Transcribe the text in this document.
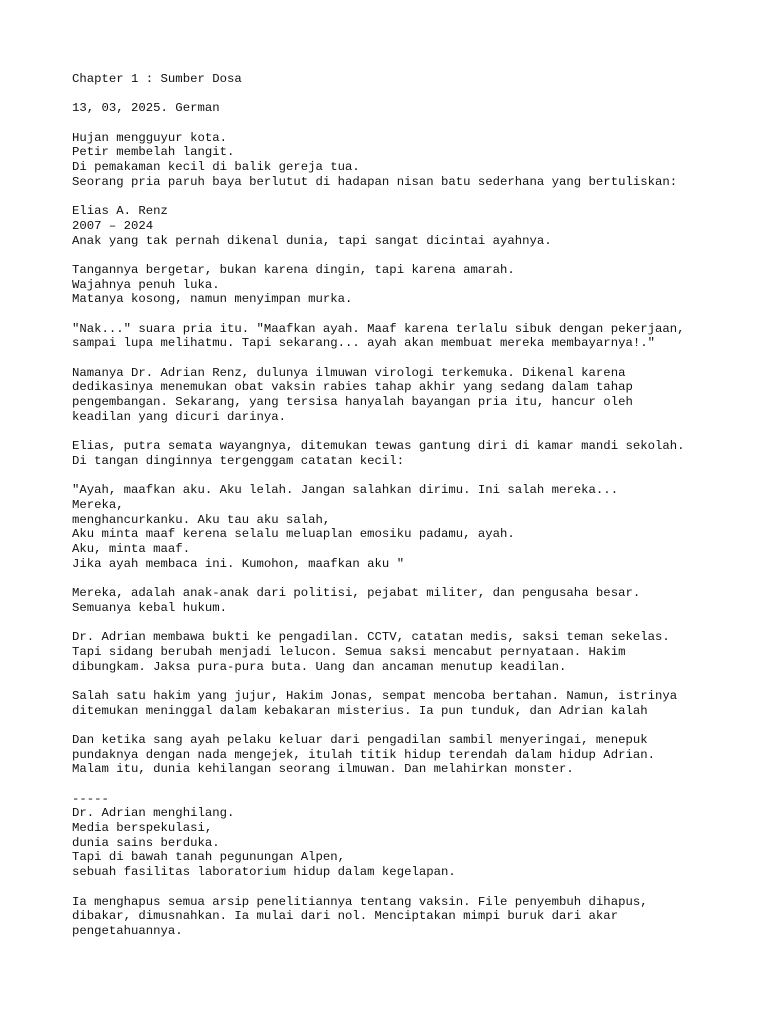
Chapter 1 : Sumber Dosa
13, 03, 2025. German
Hujan mengguyur kota.
Petir membelah langit.
Di pemakaman kecil di balik gereja tua.
Seorang pria paruh baya berlutut di hadapan nisan batu sederhana yang bertuliskan:
Elias A. Renz
2007 – 2024
Anak yang tak pernah dikenal dunia, tapi sangat dicintai ayahnya.
Tangannya bergetar, bukan karena dingin, tapi karena amarah.
Wajahnya penuh luka.
Matanya kosong, namun menyimpan murka.
"Nak..." suara pria itu. "Maafkan ayah. Maaf karena terlalu sibuk dengan pekerjaan,
sampai lupa melihatmu. Tapi sekarang... ayah akan membuat mereka membayarnya!."
Namanya Dr. Adrian Renz, dulunya ilmuwan virologi terkemuka. Dikenal karena
dedikasinya menemukan obat vaksin rabies tahap akhir yang sedang dalam tahap
pengembangan. Sekarang, yang tersisa hanyalah bayangan pria itu, hancur oleh
keadilan yang dicuri darinya.
Elias, putra semata wayangnya, ditemukan tewas gantung diri di kamar mandi sekolah.
Di tangan dinginnya tergenggam catatan kecil:
"Ayah, maafkan aku. Aku lelah. Jangan salahkan dirimu. Ini salah mereka...
Mereka,
menghancurkanku. Aku tau aku salah,
Aku minta maaf kerena selalu meluaplan emosiku padamu, ayah.
Aku, minta maaf.
Jika ayah membaca ini. Kumohon, maafkan aku "
Mereka, adalah anak-anak dari politisi, pejabat militer, dan pengusaha besar.
Semuanya kebal hukum.
Dr. Adrian membawa bukti ke pengadilan. CCTV, catatan medis, saksi teman sekelas.
Tapi sidang berubah menjadi lelucon. Semua saksi mencabut pernyataan. Hakim
dibungkam. Jaksa pura-pura buta. Uang dan ancaman menutup keadilan.
Salah satu hakim yang jujur, Hakim Jonas, sempat mencoba bertahan. Namun, istrinya
ditemukan meninggal dalam kebakaran misterius. Ia pun tunduk, dan Adrian kalah
Dan ketika sang ayah pelaku keluar dari pengadilan sambil menyeringai, menepuk
pundaknya dengan nada mengejek, itulah titik hidup terendah dalam hidup Adrian.
Malam itu, dunia kehilangan seorang ilmuwan. Dan melahirkan monster.
-----
Dr. Adrian menghilang.
Media berspekulasi,
dunia sains berduka.
Tapi di bawah tanah pegunungan Alpen,
sebuah fasilitas laboratorium hidup dalam kegelapan.
Ia menghapus semua arsip penelitiannya tentang vaksin. File penyembuh dihapus,
dibakar, dimusnahkan. Ia mulai dari nol. Menciptakan mimpi buruk dari akar
pengetahuannya.
